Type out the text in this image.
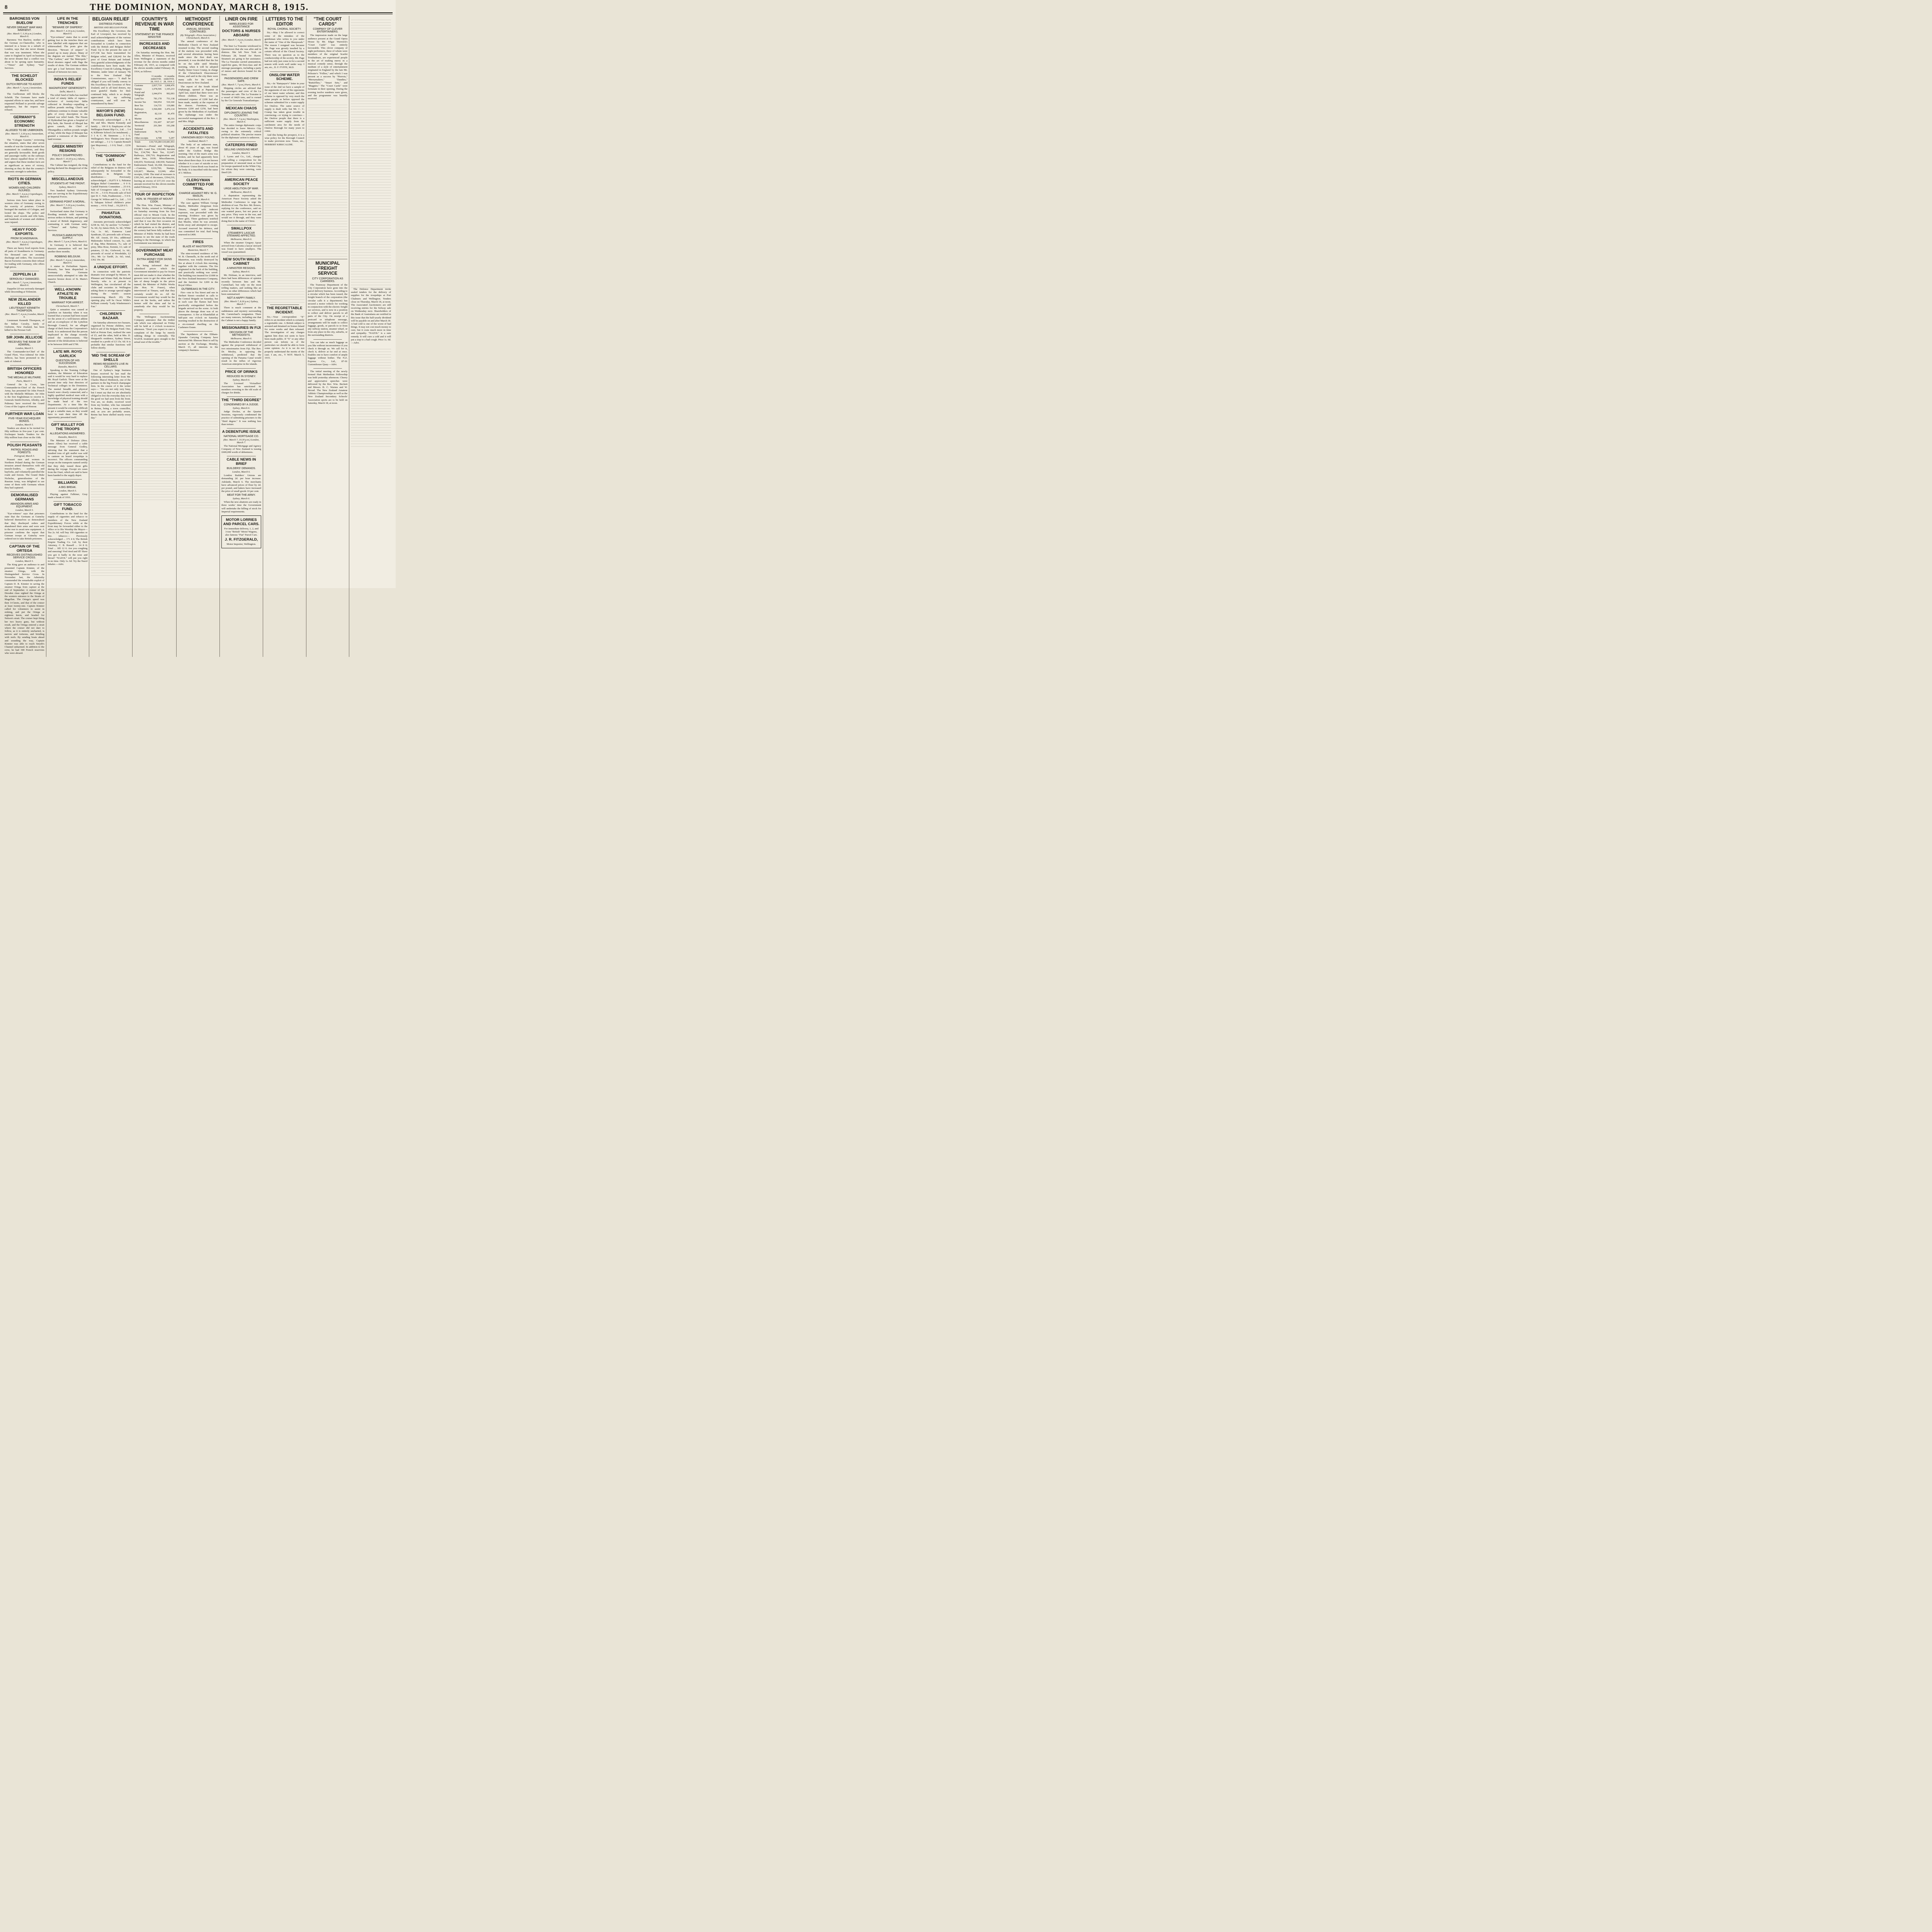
8	THE DOMINION, MONDAY, MARCH 8, 1915.
BARONESS VON BUELOW
NEVER DREAMT WAR WAS IMMINENT.
(Rec. March 7, 5.30 p.m.) London, March 6.

Baroness Von Buelow, mother of the German ex-Chancellor, who is interned in a house in a suburb of London, says that she never dreamt that war was imminent. When she came to England in April on business the never dreamt that a conflict was about to be sprung upon humanity.—"Times" and Sydney "Sun" Services.

THE SCHELDT BLOCKED
DUTCH REFUSE TO ASSIST.
(Rec. March 7, 3 p.m.) Amsterdam, March 6.

The Gurllesman still blocks the Scheldt. The Germans have made repeated efforts to raise her, and have requested Holland to provide salvage appliances, but the request was refused.

GERMANY'S ECONOMIC STRENGTH
ALLEGED TO BE UNBROKEN.
(Rec. March 7, 3.30 p.m.) Amsterdam, March 6.

The "Cologne Gazette," reviewing the situation, states that after seven months of war the German market has maintained its conditions, and they are generally favourable. Both goods and passenger traffic on the railways have almost equalled those of 1914, and argues that these modest facts are as significant as news of victory, showing as they do that the country's economic strength is unbroken.

RIOTS IN GERMAN CITIES.
WOMEN AND CHILDREN INJURED.
(Rec. March 7, 4 p.m.) Copenhagen, March 6.

Serious riots have taken place in western cities of Germany owing to the scarcity of potatoes. Crowds besieged the markets of Cologne, and looted the shops. The police and military used swords and rifle butts, and hundreds of women and children were injured.

HEAVY FOOD EXPORTS.
FROM SCANDINAVIA.
(Rec. March 7, 4 p.m.) Copenhagen, March 6.

There are heavy food exports from all parts of Scandinavia to Germany. Six thousand cars are awaiting discharge and orders. The Associated Bacon Factories concerns their refusal for trading with Germany, who offers high prices.

ZEPPELIN L8
SERIOUSLY DAMAGED.
(Rec. March 7, 3 p.m.) Amsterdam, March 6.

Zeppelin L8 was seriously damaged while descending at Tirlemont.

NEW ZEALANDER KILLED
LIEUTENANT KENNETH THOMPSON.
(Rec. March 7, 4 p.m.) London, March 6.

Lieutenant Kenneth Thompson, of the Indian Cavalry, Iately of Gisborne, New Zealand, has been killed in the Persian Gulf.

SIR JOHN JELLICOE
RECEIVES THE RANK OF ADMIRAL.
London, March 5.

The Commander-in-Chief of the Grand Fleet, Vice-Admiral Sir John Jellicoe, has been promoted to the rank of Admiral.

BRITISH OFFICERS HONORED
THE MEDAILLE MILITAIRE.
Paris, March 5.

General De la Croix, late Commander-in-Chief of the French Army, has presented Sir John French with the Medaille Militaire. Sir John is the first Englishman to receive it. Generals Smith-Dorrien, Allenby, and Pulteney have received the Grand Cross of the Legion of Honour.

FURTHER WAR LOAN
FIVE-YEAR EXCHEQUER BONDS.
London, March 5.

Tenders are about to be invited for fifty millions in five-year 3 per cent. Exchequer bonds. Tenders for the fifty million loan close on the 10th.

POLISH PEASANTS
PATROL ROADS AND FORESTS.
Petrograd, March 5.

Peasant men and women in Northern Poland during the German invasion armed themselves with old muzzle-loaders, scythes, and hayforks, and voluntarily patrolled the roads and forests. The Grand Duke Nicholas, generalissimo of the Russian Army, was delighted to see some of them with Germans whom they had captured.

DEMORALISED GERMANS
ABANDON ARMS AND EQUIPMENT.
London, March 5.

"Eye-witness" says that prisoners state that the Germans at Guinchy believed themselves so demoralised that they disobeyed orders and abandoned their arms and were sent to the rear to await new equipment. A prisoner confirms the report that German troops at Guinchy were ordered not to take British prisoners.

CAPTAIN OF THE ORTEGA
RECEIVES DISTINGUISHED SERVICE CROSS.
London, March 5.

The King gave an audience to and presented Captain Kinnier, of the steamer Ortega, with the Distinguished Service Cross. In November last, the Admiralty commended the remarkable exploit of Captain D. R. Kinnier in saving the steamer Ortega from capture at the end of September. A cruiser of the Dresden class sighted the Ortega at the western entrance to the Straits of Magellan. The Ortega's speed was then 14 knots, and that of the cruiser at least twenty-one. Captain Kinnier called for volunteers to assist in stoking, and put the Ortega at eighteen knots, and headed for Nelson's strait. The cruiser kept firing her two heavy guns, but without result, and the Ortega entered a strait where the cruiser did not dare to follow, as it is entirely uncharted, is narrow and tortuous, and bristling with reefs. By sending boats ahead and sounding the way, Captain Kinnier was able to reach Smyth's Channel unharmed. In addition to the crew, he had 300 French reservists who were aboard.

LIFE IN THE TRENCHES
"BEWARE OF SNIPERS".
(Rec. March 7, 4.10 p.m.) London, March 6.

"Eye-witness" states that to avoid getting lost in the trenches there are now labelled with signposts that are whitewashed. The posts give the direction. "Beware of snipers" is posted up in many places. Many of the dugouts are named "The Ritz," "The Carlton," and "the Metropole." Rival shooters signal with flags the results of shots. The German soldiers now get a loaf between three men, instead of between two men.

INDIA'S RELIEF FUNDS
MAGNIFICENT GENEROSITY.
Delhi, March 5.

The relief fund of India has reached a total of ninety lakhs of rupees—exclusive of twenty-four lakhs collected in Bombay—equalling a million pounds sterling. Chiefs and noblemen continue to donate valuable gifts of every description to the trained war relief funds. The Nizam of Hyderabad has given a hospital of fifty beds, the Nawab of Bhopal has given camels, the Chief of Dhrangadhra a million pounds weight of hay, while the Raja of Bilaspur has granted a remission of the soldiers' land revenue.

GREEK MINISTRY RESIGNS
POLICY DISAPPROVED.
(Rec. March 7, 10.30 p.m.) Athens, March 7.

The Cabinet has resigned, the King having declared his disapproval of the policy.

MISCELLANEOUS
STUDENTS AT THE FRONT.
Sydney, March 6.

Two hundred Sydney University men are serving in the Expeditionary or Imperial Forces.

GERMANS POINT A MORAL.
(Rec. March 7, 5.30 p.m.) London, March 6.

Switzerland states that Germany is flooding neutrals with reports of serious strikes in Britain, and painting a moral of British degeneracy, and contrasting it with German unity.—"Times" and Sydney "Sun" Services.

RUSSIA'S AMMUNITION SUPPLY.
(Rec. March 7, 5 p.m.) Paris, March 6.

In Germany it is believed that Russia's ammunition will not last another three months.

ROBBING BELGIUM.
(Rec. March 7, 4 p.m.) Amsterdam, March 6.

A statue in Perfaubian Square, Brussels, has been dispatched to Germany. The Germans unsuccessfully attempted to take the massive bronze doors of St. Marie's Church.

WELL-KNOWN ATHLETE IN TROUBLE
WARRANT FOR ARREST.
Christchurch, March 7.

Quite a sensation was caused at Lyttelton on Saturday when it was learned that a warrant had been issued for the arrest of a well-known athlete and an ex-employee of the Lyttelton Borough Council, for an alleged charge of theft from the Corporation's funds. It is understood that the person implicated in the charge recently joined the reinforcements. The amount of the defalcations is believed to be between £600 and £700.

LATE MR. ROYD GARLICK
QUESTION OF HIS SUCCESSOR.
Dunedin, March 6.

Speaking to the Training College students, the Minister of Education said it would be very hard to replace Mr. Royd Garlick. There were at the present time only four directors of Technical colleges in the Dominion. The mental breadth and physical branch were closely connected, and a highly qualified medical man with a knowledge of physical training should be made head of the two Departments. At a time like the present it would be extremely difficult to get a suitable man, as they would have to wait their time till the opportunity presented itself.

GIFT MULLET FOR THE TROOPS
ALLEGATIONS ANSWERED.
Dunedin, March 6.

The Minister of Defence (Hon. James Allen) has received a cable message from General Godley, advising that the statement that a hundred tons of gift mullet was sold to canteen on board troopships is incorrect. The officers commanding troops on the transports named certify that they duly issued those gifts during the voyage. Except six cases from the Orari, which are said to have been handed to the supply depot.

BILLIARDS
A BIG BREAK.
London, March 5.

Playing against Falkiner, Gray made a break of 1016.

GIFT TOBACCO FUND.

Contributions to the fund for the supply of cigarettes and tobacco to members of the New Zealand Expeditionary Forces while at the front may be forwarded either to the office or to His Worship the Mayor—Tea 2s. 6d. will buy 100 cigarettes or 4oz. tobacco:— Previously acknowledged ... 171 4 0; The British Empire Trading Co. Ltd. by their Attorney, C. B. Russell ... 14 8 0; Total ... 185 12 0. Are you coughing and sneezing? Feel tired and ill? Have you got it badly in the nose and throat? "NAZOL" will put you right in no time. Only 1s. 6d. Try the Nazol Inhaler.—Advt.

BELGIAN RELIEF
DISTRESS FUNDS
BRITISH AND BELGIAN POOR.

His Excellency the Governor, the Earl of Liverpool, has received by mail acknowledgments of the various contributions which have been forwarded to London in connection with the British and Belgian Relief Fund. Up to the present the sum of £37,338 has been transmitted for Belgian relief, and £28,642 for the poor of Great Britain and Ireland. Very grateful acknowledgments of the contributions have been made. His Excellency Count de Lalaing, Belgian Minister, under letter of January 7th to the New Zealand High Commissioner, says:— "I shall be obliged if you will kindly convey to His Excellency the Governor of New Zealand, and to all kind donors, my most grateful thanks for their continued help, which is so deeply appreciated by my suffering countrymen, and will ever be remembered by them."

MAYOR'S (NEW) BELGIAN FUND.

Previously acknowledged ... 8 4; Mr. and Mrs. Martin Kennedy and family ... 100 0 0; Employees of the Wellington Patent Slip Co., Ltd. ... 5 4 4; Kilbirnie School (1st instalment) ... 3 1 4; C. M. Simmons ... 3 3 6; Wellington's New Theatre (one day's net takings) ... 3 2 3; Captain Bonsell (per Mayoress) ... 1 0 0; Total ... £236 7 3.

THE "DOMINION" LIST.

Contributions to the fund for the relief of the Belgians in distress will subsequently be forwarded to the authorities in Belgium for distribution:— Previously acknowledged ...19,075 9 1; Pahiatua Belgian Relief Committee ... 0 0 0; Cardiff Patriotic Committee ... 25 0 0; Sale of Crossgrove cake ... 12 0 0; H.C.W. ... 5 0 0; Proceeds sale of boil (per D. C. Yule, Featherston) ... 5 0 0; George W. Wilton and Co., Ltd. ... 5 0 0; Takapau School children's prize money ... 4 0 0; Total ... 19,229 0 5.

PAHIATUA DONATIONS.

Amounts previously acknowledged £238 4s. 6d.; by auction "A Farmer," 5s. 6d.; by James Dick, 5s. 6d.; White Cat, 1s. 6d.; Kumeroa Land Syndicate, £5; proceeds sale of horse, Mr. Alf. Anson, £9 10s.; additional Makomako School concert, 5s.; sale of dog, Miss Bennison, 7s.; sale of pony, Miss Rose, Kemini, £1; sale of potatoes, £3 8s.; Gislwood, 1s. 6d.; proceeds of social at Woodsdale, £2 10s.; Mr. Le Tardif, 2s. 6d.; total, £362 19s. 8d.

A UNIQUE EFFORT.

In connection with the patriotic dramatic tour arranged by Messrs. H. Plimmer and Winter Hall, the Roland Stavely, who is at present in Wellington, has circularised all the clubs and societies in Wellington asking them to arrange special nights during the week's season (commencing March 20). The opening play will be Oscar Wilde's brilliant comedy "Lady Windermere's Fan."

CHILDREN'S BAZAAR.

On Saturday afternoon two bazaars, organised by Petone children, were held in aid of the Belgian Fund. One, held at Petone East, realised the sum of £5, and the other, held at Mrs. D. Sheppard's residence, Sydney Street, resulted in a profit of £3 15s. 6d. It is probable that similar functions will follow shortly.

'MID THE SCREAM OF SHELLS
REIMS RESIDENTS LIVE IN CELLARS.

One of Sydney's large business houses received by last mail the following interesting letter from Mr. Charles Marcel Heidsieck, one of the partners in the big French champagne firm. In the course of it the writer says:— "We are not only very busy, but I must say that we are absolutely obliged to live the everyday duty or to the good we had seen from the front. You are, no doubt, received word from my brother, who has remained in Reims, being a town councillor, and, as you are probably aware, Reims has been shelled nearly every day."

COUNTRY'S REVENUE IN WAR TIME
STATEMENT BY THE FINANCE MINISTER
INCREASES AND DECREASES

On Saturday morning the Hon. Mr. Allen, Minister of Finance, received from Wellington a statement of the revenue for the eleven months ended February 28, 1915, as compared with the eleven months ended February 28, 1914, as follows:

	11 months ended Feb. 28, 1915. £	11 months ended Feb. 28, 1914. £
Customs	2,837,710	3,068,476
Stamps	1,078,506	1,105,233
Postal and Telegraph	1,044,974	992,093
Land Tax	781,178	751,138
Income Tax	544,954	510,160
Beer Tax	114,735	119,086
Railways	3,566,900	3,476,134
Registration, etc.	82,110	81,470
Marine	44,209	46,316
Miscellaneous	352,497	307,697
Territorial	201,584	193,298
National Endowment Fund	78,770	72,402
Other receipts	4,708	5,297
Totals	£10,719,284	£10,681,953

Increases.—Postal and Telegraph, £52,881; Land Tax, £30,040; Income Tax, £34,794; Beer Tax, £2,647; Railways, £90,716; Registration and other fees, £630; Miscellaneous, £44,655; Territorial, £40,930; National Endowment Fund, £6,368. Decreases.—Customs, £210,766; Stamps, £26,667; Marine, £2,046; other receipts, £598. The total of increases is £391,541, and of decreases, £364,210, leaving an excess of £37,331 over the amount received for the eleven months ended February, 1914.

TOUR OF INSPECTION
HON. W. FRASER AT MOUNT COOK.

The Hon. Wm. Fraser, Minister of Public Works, returned to Wellington on Saturday morning from his first official visit to Mount Cook. In the course of a brief interview the Minister said that it was the first occasion on which he had visited the district, and all anticipations as to the grandeur of the scenery had been fully realised. As Minister of Public Works he had been anxious to see the state of the roads leading to the Hermitage, in which the Government was interested.

GOVERNMENT MEAT PURCHASE
EXTRA MONEY FOR SKINS AND FAT.

On being informed that the subsidised prices which the Government intended to pay for frozen meat did not make it clear whether the growers were to get the skins and the fats of sheep bought in the prices named, the Minister of Public Works (the Hon. W. Fraser), when interviewed at Timaru, said that they certainly would do so. All the Government would buy would be the meat on the hooks, and unless the farmer sold the skins and fat to somebody else they would be his property.

The Wellington Auctioneering Company announce that the timber sale which was adjourned on Friday will be held at 2 o'clock to-morrow afternoon. "Don't you expect to cure a complaint of the lungs by merely rubbing things in externally. The NAZOL treatment goes straight to the actual seat of the trouble."

METHODIST CONFERENCE
ANNUAL SESSION CONTINUED.
(By Telegraph—Press Association.) Christchurch, March 6.

The annual conference of the Methodist Church of New Zealand resumed to-day. The second reading of the stations was proceeded with, and several alterations having been made since the first draft was presented, it was decided that the list be on the table until Monday morning, when it will be adopted finally. Sister Grace Crump, in charge of the Christchurch Deaconesses' Home, and said in the city there were many calls for the work of Deaconesses in New Zealand.

The report of the South Island Orphanage, opened at Papanui in April last, stated that there were now fifteen children. There was an estimated expense of £200 had also been made, mainly at the expense of the donors. Furniture, costing between £200 and £250, had been given by the Methodists of Auckland. The orphanage was under the successful management of the Rev. J. and Mrs. Bligh.

ACCIDENTS AND FATALITIES
UNKNOWN BODY FOUND.
Auckland, March 7.

The body of an unknown man, about 45 years of age, was found under the Grafton Bridge this morning. One of the man's arms was broken, and he had apparently been there about three days. It is not known whether it is a case of suicide or not. A Pioneers' Union Book was found on the body. It is inscribed with the name of J. Melton.

CLERGYMAN COMMITTED FOR TRIAL
CHARGE AGAINST REV. W. G. MASLIN.
Christchurch, March 6.

The case against William George Maslin, Methodist clergyman from Timaru, charged with indecent exposure, was proceeded with this morning. Evidence was given by three girls. Three gardeners testified that Maslin, when he was arrested, broke away and attempted to escape. Accused reserved his defence, and was committed for trial. Bail being renewed in £400.

FIRES
BLAZE AT MASTERTON.
Masterton, March 7.

The nine-roomed residence of Mr. W. B. Chennells, in the north end of Masterton, was totally destroyed by fire at about 8 o'clock this morning, together with the contents. The fire originated in the back of the building, and practically nothing was saved. The building was insured for £1000 in the New Zealand Insurance Company, and the furniture for £200 in the Royal Office.

OUTBREAKS IN THE CITY.

Fire—one in Tea Street and one in Herbert Street—resulted in calls to the Central Brigade on Saturday, but in each case the flames had been practically extinguished before the brigade arrived on the scene. At both places the damage done was of no consequence. A fire at Khandallah at half-past one o'clock on Saturday morning resulted in the destruction of a six-roomed dwelling on the Cashmere Estate.

The liquidators of the Eltham-Opunake Carrying Company have instructed Mr. Bleeson Hunt to sell by auction at the Exchange, Monday, March 15, all interests in the company's business.

LINER ON FIRE
WIRELESSED FOR ASSISTANCE
DOCTORS & NURSES ABOARD
(Rec. March 7, 4 p.m.) London, March 6.

The liner La Touraine wirelessed to Queenstown that she was afire and in distress. She left New York on February 28, bound for Havre. Steamers are going to her assistance. The La Touraine carried ammunition, rapid-fire guns, 68 first-class and 46 steerage passengers, including a party of nurses and doctors bound for the front.

PASSENGERS AND CREW SAFE.
(Rec. March 7, 7 p.m.) Paris, March 6.

Shipping circles are advised that the passengers and crew of the La Touraine are safe. The La Touraine is a vessel of 8429 tons, and is owned by the Cie Generale Transatlantique.

MEXICAN CHAOS
DIPLOMATS LEAVING THE COUNTRY.
(Rec. March 7, 5 p.m.) Washington, March 6.

The entire foreign diplomatic corps has decided to leave Mexico City owing to the extremely critical political situation. The precise reason for the diplomats' action is unknown.

CATERERS FINED
SELLING UNSOUND MEAT.
London, March 5.

J. Lyons and Co., Ltd., charged with selling a composition for the preparation of unsound meat as food for troops quartered in the White City, for whom they were catering, were fined £20.

AMERICAN PEACE SOCIETY
URGE ABOLITION OF WAR.
Melbourne, March 6.

A deputation representing the American Peace Society asked the Methodist Conference to urge the abolition of war. The Rev. Mr. Bowes, replying for the conference, said no one wanted peace, but not peace at any price. They were in the war, and would see it through, and they were doing that in the name of Christ.

SMALLPOX
STEAMER'S LASCAR STEWARD AFFECTED.
Melbourne, March 6.

When the steamer Gregory Apcar arrived from Calcutta a lascar steward was found to have smallpox. The vessel was quarantined.

NEW SOUTH WALES CABINET
A MINISTER RESIGNS.
Sydney, March 6.

Mr. Holman, in an interview, said there had been differences of opinion recently between him and Mr. Carmichael, but only on the most trifling matters, and nothing like an action on other differences which had been summarised.

NOT A HAPPY FAMILY.
(Rec. March 7, 8.30 p.m.) Sydney, March 7.

There is much comment at the suddenness and mystery surrounding Mr. Carmichael's resignation. There are many rumours, including one that the Cabinet is not a happy family.

MISSIONARIES IN FIJI
DECISION OF THE METHODISTS.
Melbourne, March 6.

The Methodist Conference decided against the proposed withdrawal of two missionaries from Fiji. The Rev. Dr. Mosley, in opposing the withdrawal, predicted that the opening of the Panama Canal would result in the influx of vigorous American enterprise in the islands.

PRICE OF DRINKS
REDUCED IN SYDNEY.
Sydney, March 6.

The Licensed Victuallers' Association has sanctioned its members reverting to the old scale of charges for drinks.

THE "THIRD DEGREE"
CONDEMNED BY A JUDGE.
Sydney, March 6.

Judge Docker, at the Quarter Sessions, vigorously condemned the practice of submitting prisoners to the "third degree." It was nothing less than torture.

A DEBENTURE ISSUE
NATIONAL MORTGAGE CO.
(Rec. March 7, 10.30 p.m.) London, March 7.

The National Mortgage and Agency Company of New Zealand is issuing £600,000 worth of debentures.

CABLE NEWS IN BRIEF
BUILDERS' DEMANDS.
London, March 6.

London Builders' Unions are demanding 2d. per hour increase. Adelaide, March 6. The merchants have advanced prices of flour by 2d. per pound, and bakers have increased the price of small goods 10 per cent.

MEAT FOR THE ARMY.
Sydney, March 6.

When the new abattoirs are ready in three weeks' time the Government will undertake the killing of stock for Imperial requirements.

MOTOR LORRIES AND PARCEL CARS.

For immediate delivery, 1, 2, and 3-ton "British" Motor Wagons, also famous "Fiat" Parcel Cars.

J. R. FITZGERALD,

Motor Importer, Wellington.

LETTERS TO THE EDITOR
ROYAL CHORAL SOCIETY.

Sir,—May I be allowed to correct some of the mistakes of the gentleman who writes to you under the name of "One of the Sheepwash." The reason I resigned was because Mr. Page was grossly insulted by a certain official of the Choral Society. There was no question as to the conductorship of the society. Mr. Page had not only just come in for a second season with work well under way. I am, etc., D. F. FYFFE, M.D.

ONSLOW WATER SCHEME.

Sir,—In "Ratepayer's" letter in your issue of the 2nd we have a sample of the arguments of one of the opponents of our latest water scheme; and this scheme is opposed by very much the same people as before opposed the schemes submitted for a water supply for Onslow. The same source of supply is dealt with; but Mr. C. C. Crump has taken great trouble in convincing—or trying to convince—the Onslow people that there is a sufficient water supply from the catchment area for the needs of Onslow Borough for many years to come.

And this being the prospect, it is a wise policy for the Borough Council to make provision now. Yours, etc., HERBERT KIRKCALDIE.

THE REGRETTABLE INCIDENT.

Sir,—Your correspondent "X" refers to an incident which is certainly a regrettable one. A British subject is arrested and detained on Somes Island for some weeks and then released. The investigation of any charges against him does not seem to have been made public. If "X" or any other person can inform us of the particulars we should be able to form some opinion. As it is we do not properly understand the merits of the case. I am, etc., Y NOT. March 5, 1915.

"THE COURT CARDS"
COMPANY OF CLEVER ENTERTAINERS.

The impression made on the large audience present at the Grand Opera House by Mr. Edgar Warwick's "Court Cards" was entirely favourable. This clever company of eight performers, three of whom were members of the original Scarlet Troubadours, are experienced people in the art of making merry in a musical comedy sense, through the medium of a style of entertainment originated in England by the late Mr. Pelissier's "Follies," and which I was present as a success by "Pierrots," "Merrymakers," "Dandies," "Butterflies," "Smart Sets," and "Magpies." The "Court Cards" were fortunate in their opening. During the evening twelve numbers were given, and the programme was heartily received.

MUNICIPAL FREIGHT SERVICE
CITY CORPORATION AS CARRIERS.

The Tramway Department of the City Corporation have gone into the parcel delivery business. According to a circular which has been issued, the freight branch of the corporation (the circular calls it a department) has secured a motor vehicle for working in conjunction with the electric freight car services, and is now in a position to collect and deliver parcels to all parts of the City. On receipt of a postcard or telephone message, arrangements will be made to collect luggage, goods, or parcels to or from any railway station, steamer wharf, or from any place in the city, suburbs, or the surrounding districts.

You can take as much luggage as you like without inconvenience if you check it through us. We call for it, check it, deliver at far end at once. Enables one to have comfort of ample luggage without bother. The N.Z. Express Co., Ltd., 87-91 Customhouse Quay.—Advt.

The initial meeting of the newly formed Hutt Methodists Fellowship was held yesterday afternoon. Cheery and appreciative speeches were delivered by the Rev. Wm. Beckett and Messrs. B. C. Warnes and W. Stroud. The New Zealand Amateur Athletic Championships as well as the New Zealand Secondary Schools' Association sports are to be held on Saturday, March 18, at noon.

The Defence Department invite sealed tenders for the delivery of supplies for the troopships at Port Chalmers and Wellington. Tenders close on Thursday, March 18, at noon. The Associated Auctioneers are still receiving entries for the Solway sale on Wednesday next. Shareholders of the Bank of Australasia are notified in this issue that the half-yearly dividend will be payable on and after March 30. A bad cold is one of the worst of bad things. It may not cost much money to cure, but it costs much more in time and sympathy. "NAZOL" is a sure remedy. It will cure a cold and it will put a stop to a bad cough. Price 1s. 6d.—Advt.
